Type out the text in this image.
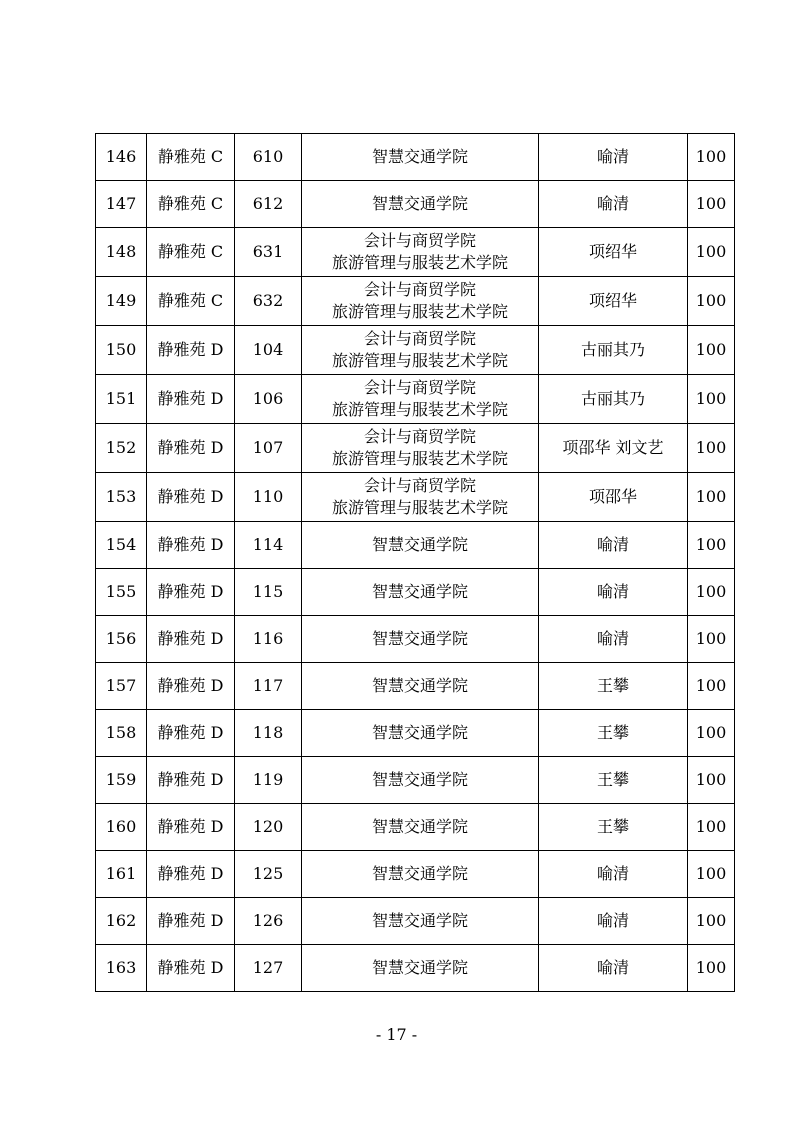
146	静雅苑 C	610	智慧交通学院	喻清	100
147	静雅苑 C	612	智慧交通学院	喻清	100
148	静雅苑 C	631	会计与商贸学院
旅游管理与服装艺术学院	项绍华	100
149	静雅苑 C	632	会计与商贸学院
旅游管理与服装艺术学院	项绍华	100
150	静雅苑 D	104	会计与商贸学院
旅游管理与服装艺术学院	古丽其乃	100
151	静雅苑 D	106	会计与商贸学院
旅游管理与服装艺术学院	古丽其乃	100
152	静雅苑 D	107	会计与商贸学院
旅游管理与服装艺术学院	项邵华 刘文艺	100
153	静雅苑 D	110	会计与商贸学院
旅游管理与服装艺术学院	项邵华	100
154	静雅苑 D	114	智慧交通学院	喻清	100
155	静雅苑 D	115	智慧交通学院	喻清	100
156	静雅苑 D	116	智慧交通学院	喻清	100
157	静雅苑 D	117	智慧交通学院	王攀	100
158	静雅苑 D	118	智慧交通学院	王攀	100
159	静雅苑 D	119	智慧交通学院	王攀	100
160	静雅苑 D	120	智慧交通学院	王攀	100
161	静雅苑 D	125	智慧交通学院	喻清	100
162	静雅苑 D	126	智慧交通学院	喻清	100
163	静雅苑 D	127	智慧交通学院	喻清	100
- 17 -
